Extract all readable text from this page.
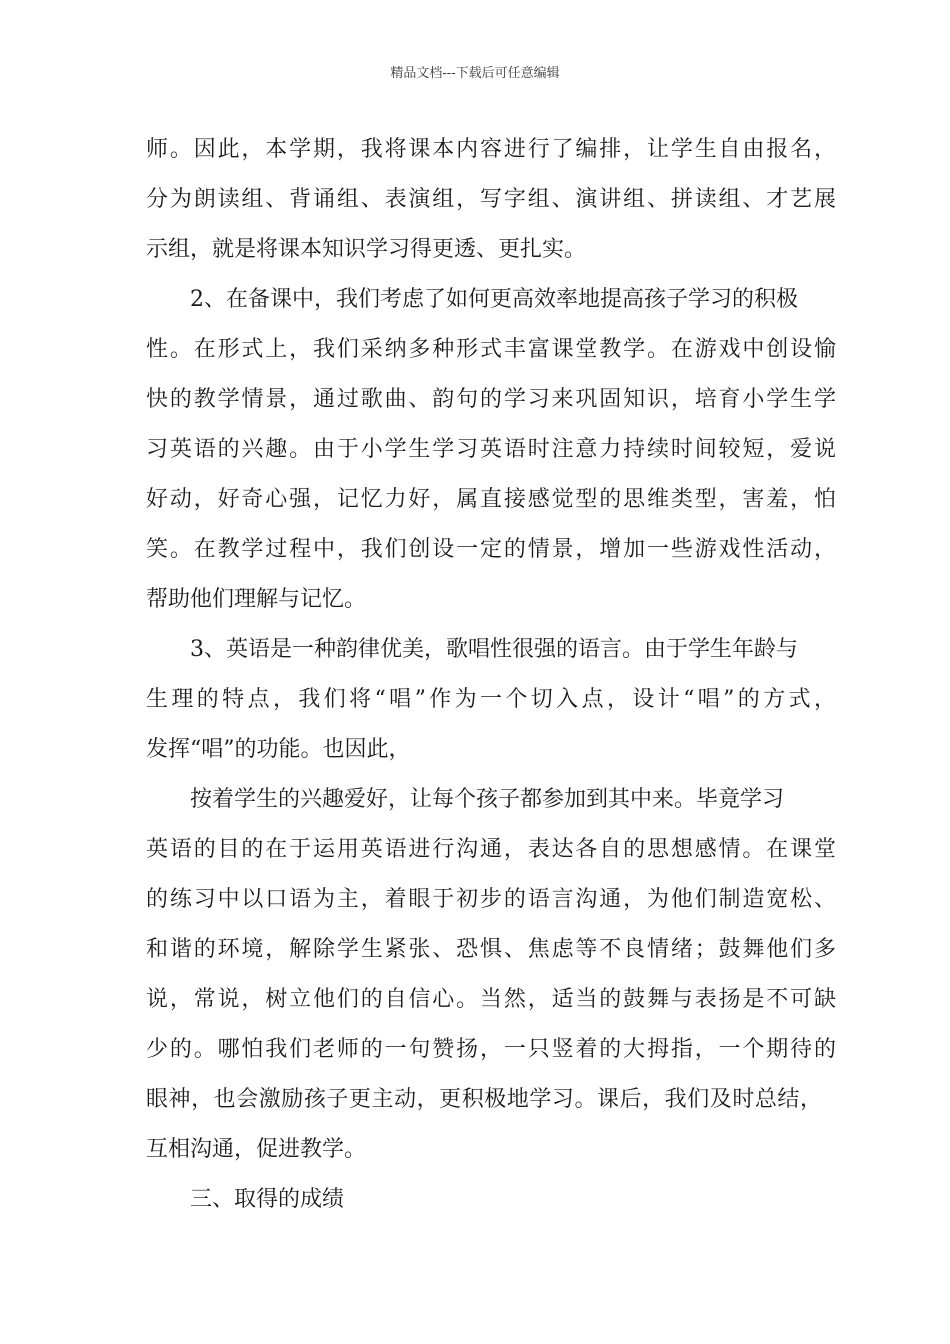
精品文档---下载后可任意编辑
师。因此，本学期，我将课本内容进行了编排，让学生自由报名，
分为朗读组、背诵组、表演组，写字组、演讲组、拼读组、才艺展
示组，就是将课本知识学习得更透、更扎实。
2、在备课中，我们考虑了如何更高效率地提高孩子学习的积极
性。在形式上，我们采纳多种形式丰富课堂教学。在游戏中创设愉
快的教学情景，通过歌曲、韵句的学习来巩固知识，培育小学生学
习英语的兴趣。由于小学生学习英语时注意力持续时间较短，爱说
好动，好奇心强，记忆力好，属直接感觉型的思维类型，害羞，怕
笑。在教学过程中，我们创设一定的情景，增加一些游戏性活动，
帮助他们理解与记忆。
3、英语是一种韵律优美，歌唱性很强的语言。由于学生年龄与
生理的特点，我们将“唱”作为一个切入点，设计“唱”的方式，
发挥“唱”的功能。也因此，
按着学生的兴趣爱好，让每个孩子都参加到其中来。毕竟学习
英语的目的在于运用英语进行沟通，表达各自的思想感情。在课堂
的练习中以口语为主，着眼于初步的语言沟通，为他们制造宽松、
和谐的环境，解除学生紧张、恐惧、焦虑等不良情绪；鼓舞他们多
说，常说，树立他们的自信心。当然，适当的鼓舞与表扬是不可缺
少的。哪怕我们老师的一句赞扬，一只竖着的大拇指，一个期待的
眼神，也会激励孩子更主动，更积极地学习。课后，我们及时总结，
互相沟通，促进教学。
三、取得的成绩
